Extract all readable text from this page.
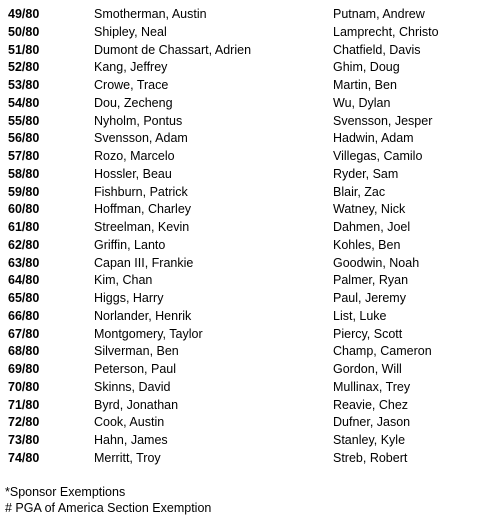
49/80	Smotherman, Austin	Putnam, Andrew
50/80	Shipley, Neal	Lamprecht, Christo
51/80	Dumont de Chassart, Adrien	Chatfield, Davis
52/80	Kang, Jeffrey	Ghim, Doug
53/80	Crowe, Trace	Martin, Ben
54/80	Dou, Zecheng	Wu, Dylan
55/80	Nyholm, Pontus	Svensson, Jesper
56/80	Svensson, Adam	Hadwin, Adam
57/80	Rozo, Marcelo	Villegas, Camilo
58/80	Hossler, Beau	Ryder, Sam
59/80	Fishburn, Patrick	Blair, Zac
60/80	Hoffman, Charley	Watney, Nick
61/80	Streelman, Kevin	Dahmen, Joel
62/80	Griffin, Lanto	Kohles, Ben
63/80	Capan III, Frankie	Goodwin, Noah
64/80	Kim, Chan	Palmer, Ryan
65/80	Higgs, Harry	Paul, Jeremy
66/80	Norlander, Henrik	List, Luke
67/80	Montgomery, Taylor	Piercy, Scott
68/80	Silverman, Ben	Champ, Cameron
69/80	Peterson, Paul	Gordon, Will
70/80	Skinns, David	Mullinax, Trey
71/80	Byrd, Jonathan	Reavie, Chez
72/80	Cook, Austin	Dufner, Jason
73/80	Hahn, James	Stanley, Kyle
74/80	Merritt, Troy	Streb, Robert
*Sponsor Exemptions
# PGA of America Section Exemption
